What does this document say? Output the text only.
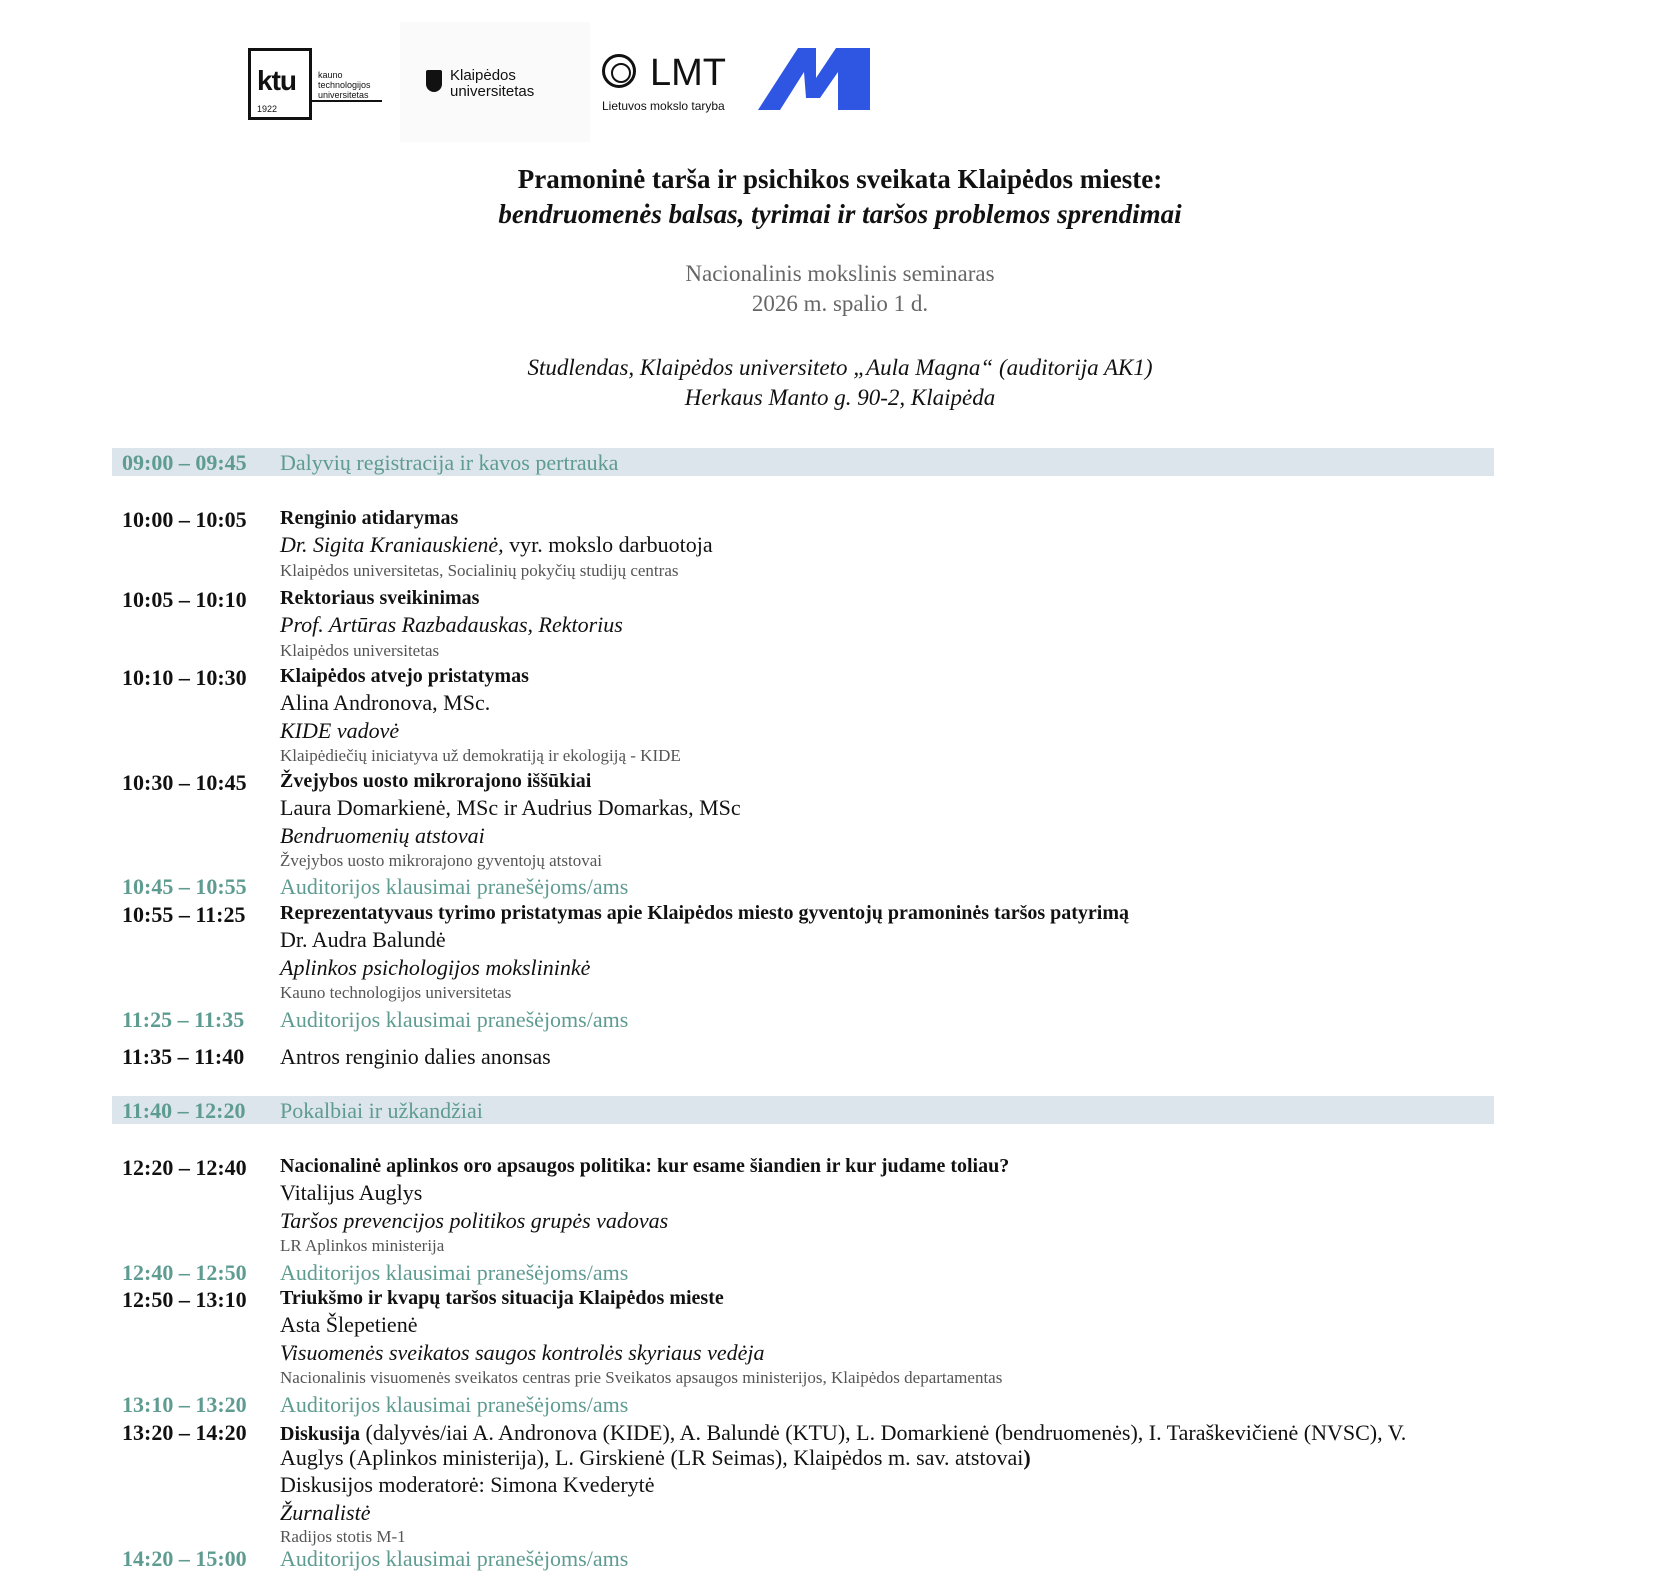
ktu
1922
kauno
technologijos
universitetas
Klaipėdos
universitetas	LMT
Lietuvos mokslo taryba
Pramoninė tarša ir psichikos sveikata Klaipėdos mieste:
bendruomenės balsas, tyrimai ir taršos problemos sprendimai
Nacionalinis mokslinis seminaras
2026 m. spalio 1 d.
Studlendas, Klaipėdos universiteto „Aula Magna“ (auditorija AK1)
Herkaus Manto g. 90-2, Klaipėda
09:00 – 09:45 Dalyvių registracija ir kavos pertrauka
10:00 – 10:05 Renginio atidarymas
Dr. Sigita Kraniauskienė, vyr. mokslo darbuotoja
Klaipėdos universitetas, Socialinių pokyčių studijų centras
10:05 – 10:10 Rektoriaus sveikinimas
Prof. Artūras Razbadauskas, Rektorius
Klaipėdos universitetas
10:10 – 10:30 Klaipėdos atvejo pristatymas
Alina Andronova, MSc.
KIDE vadovė
Klaipėdiečių iniciatyva už demokratiją ir ekologiją - KIDE
10:30 – 10:45 Žvejybos uosto mikrorajono iššūkiai
Laura Domarkienė, MSc ir Audrius Domarkas, MSc
Bendruomenių atstovai
Žvejybos uosto mikrorajono gyventojų atstovai
10:45 – 10:55 Auditorijos klausimai pranešėjoms/ams
10:55 – 11:25 Reprezentatyvaus tyrimo pristatymas apie Klaipėdos miesto gyventojų pramoninės taršos patyrimą
Dr. Audra Balundė
Aplinkos psichologijos mokslininkė
Kauno technologijos universitetas
11:25 – 11:35 Auditorijos klausimai pranešėjoms/ams
11:35 – 11:40 Antros renginio dalies anonsas
11:40 – 12:20 Pokalbiai ir užkandžiai
12:20 – 12:40 Nacionalinė aplinkos oro apsaugos politika: kur esame šiandien ir kur judame toliau?
Vitalijus Auglys
Taršos prevencijos politikos grupės vadovas
LR Aplinkos ministerija
12:40 – 12:50 Auditorijos klausimai pranešėjoms/ams
12:50 – 13:10 Triukšmo ir kvapų taršos situacija Klaipėdos mieste
Asta Šlepetienė
Visuomenės sveikatos saugos kontrolės skyriaus vedėja
Nacionalinis visuomenės sveikatos centras prie Sveikatos apsaugos ministerijos, Klaipėdos departamentas
13:10 – 13:20 Auditorijos klausimai pranešėjoms/ams
13:20 – 14:20 Diskusija (dalyvės/iai A. Andronova (KIDE), A. Balundė (KTU), L. Domarkienė (bendruomenės), I. Taraškevičienė (NVSC), V.
Auglys (Aplinkos ministerija), L. Girskienė (LR Seimas), Klaipėdos m. sav. atstovai)
Diskusijos moderatorė: Simona Kvederytė
Žurnalistė
Radijos stotis M-1
14:20 – 15:00 Auditorijos klausimai pranešėjoms/ams
